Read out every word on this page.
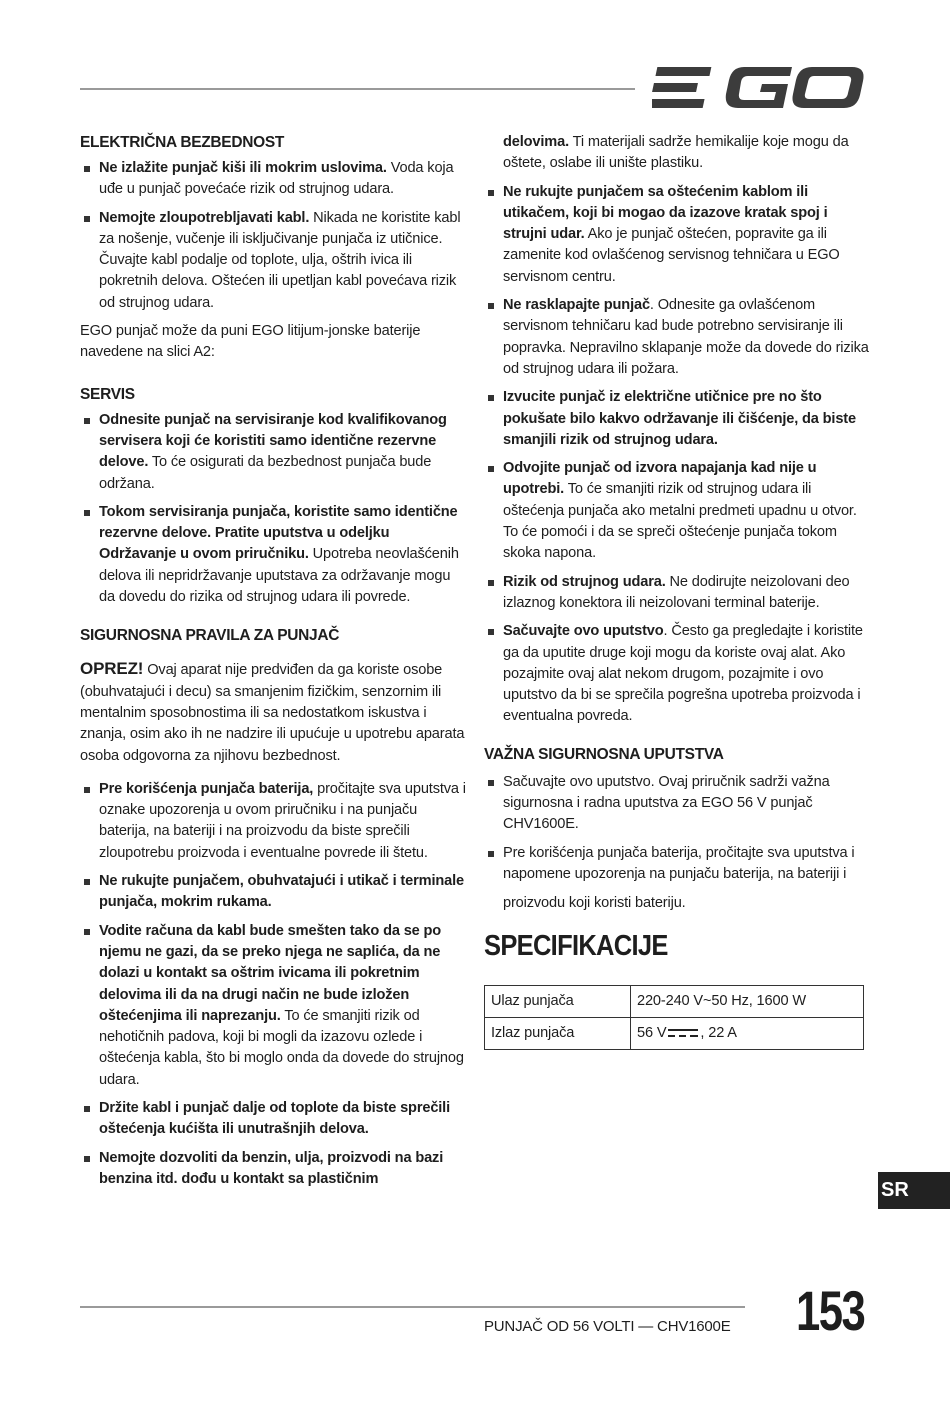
ELEKTRIČNA BEZBEDNOST
Ne izlažite punjač kiši ili mokrim uslovima. Voda koja uđe u punjač povećaće rizik od strujnog udara.
Nemojte zloupotrebljavati kabl. Nikada ne koristite kabl za nošenje, vučenje ili isključivanje punjača iz utičnice. Čuvajte kabl podalje od toplote, ulja, oštrih ivica ili pokretnih delova. Oštećen ili upetljan kabl povećava rizik od strujnog udara.

EGO punjač može da puni EGO litijum-jonske baterije navedene na slici A2:

SERVIS
Odnesite punjač na servisiranje kod kvalifikovanog servisera koji će koristiti samo identične rezervne delove. To će osigurati da bezbednost punjača bude održana.
Tokom servisiranja punjača, koristite samo identične rezervne delove. Pratite uputstva u odeljku Održavanje u ovom priručniku. Upotreba neovlašćenih delova ili nepridržavanje uputstava za održavanje mogu da dovedu do rizika od strujnog udara ili povrede.
SIGURNOSNA PRAVILA ZA PUNJAČ

OPREZ! Ovaj aparat nije predviđen da ga koriste osobe (obuhvatajući i decu) sa smanjenim fizičkim, senzornim ili mentalnim sposobnostima ili sa nedostatkom iskustva i znanja, osim ako ih ne nadzire ili upućuje u upotrebu aparata osoba odgovorna za njihovu bezbednost.

Pre korišćenja punjača baterija, pročitajte sva uputstva i oznake upozorenja u ovom priručniku i na punjaču baterija, na bateriji i na proizvodu da biste sprečili zloupotrebu proizvoda i eventualne povrede ili štetu.
Ne rukujte punjačem, obuhvatajući i utikač i terminale punjača, mokrim rukama.
Vodite računa da kabl bude smešten tako da se po njemu ne gazi, da se preko njega ne saplića, da ne dolazi u kontakt sa oštrim ivicama ili pokretnim delovima ili da na drugi način ne bude izložen oštećenjima ili naprezanju. To će smanjiti rizik od nehotičnih padova, koji bi mogli da izazovu ozlede i oštećenja kabla, što bi moglo onda da dovede do strujnog udara.
Držite kabl i punjač dalje od toplote da biste sprečili oštećenja kućišta ili unutrašnjih delova.
Nemojte dozvoliti da benzin, ulja, proizvodi na bazi benzina itd. dođu u kontakt sa plastičnim

delovima. Ti materijali sadrže hemikalije koje mogu da oštete, oslabe ili unište plastiku.

Ne rukujte punjačem sa oštećenim kablom ili utikačem, koji bi mogao da izazove kratak spoj i strujni udar. Ako je punjač oštećen, popravite ga ili zamenite kod ovlašćenog servisnog tehničara u EGO servisnom centru.
Ne rasklapajte punjač. Odnesite ga ovlašćenom servisnom tehničaru kad bude potrebno servisiranje ili popravka. Nepravilno sklapanje može da dovede do rizika od strujnog udara ili požara.
Izvucite punjač iz električne utičnice pre no što pokušate bilo kakvo održavanje ili čišćenje, da biste smanjili rizik od strujnog udara.
Odvojite punjač od izvora napajanja kad nije u upotrebi. To će smanjiti rizik od strujnog udara ili oštećenja punjača ako metalni predmeti upadnu u otvor. To će pomoći i da se spreči oštećenje punjača tokom skoka napona.
Rizik od strujnog udara. Ne dodirujte neizolovani deo izlaznog konektora ili neizolovani terminal baterije.
Sačuvajte ovo uputstvo. Često ga pregledajte i koristite ga da uputite druge koji mogu da koriste ovaj alat. Ako pozajmite ovaj alat nekom drugom, pozajmite i ovo uputstvo da bi se sprečila pogrešna upotreba proizvoda i eventualna povreda.
VAŽNA SIGURNOSNA UPUTSTVA
Sačuvajte ovo uputstvo. Ovaj priručnik sadrži važna sigurnosna i radna uputstva za EGO 56 V punjač CHV1600E.
Pre korišćenja punjača baterija, pročitajte sva uputstva i napomene upozorenja na punjaču baterija, na bateriji i
proizvodu koji koristi bateriju.

SPECIFIKACIJE

Ulaz punjača	220-240 V~50 Hz, 1600 W
Izlaz punjača	56 V , 22 A
SR
PUNJAČ OD 56 VOLTI — CHV1600E 153
